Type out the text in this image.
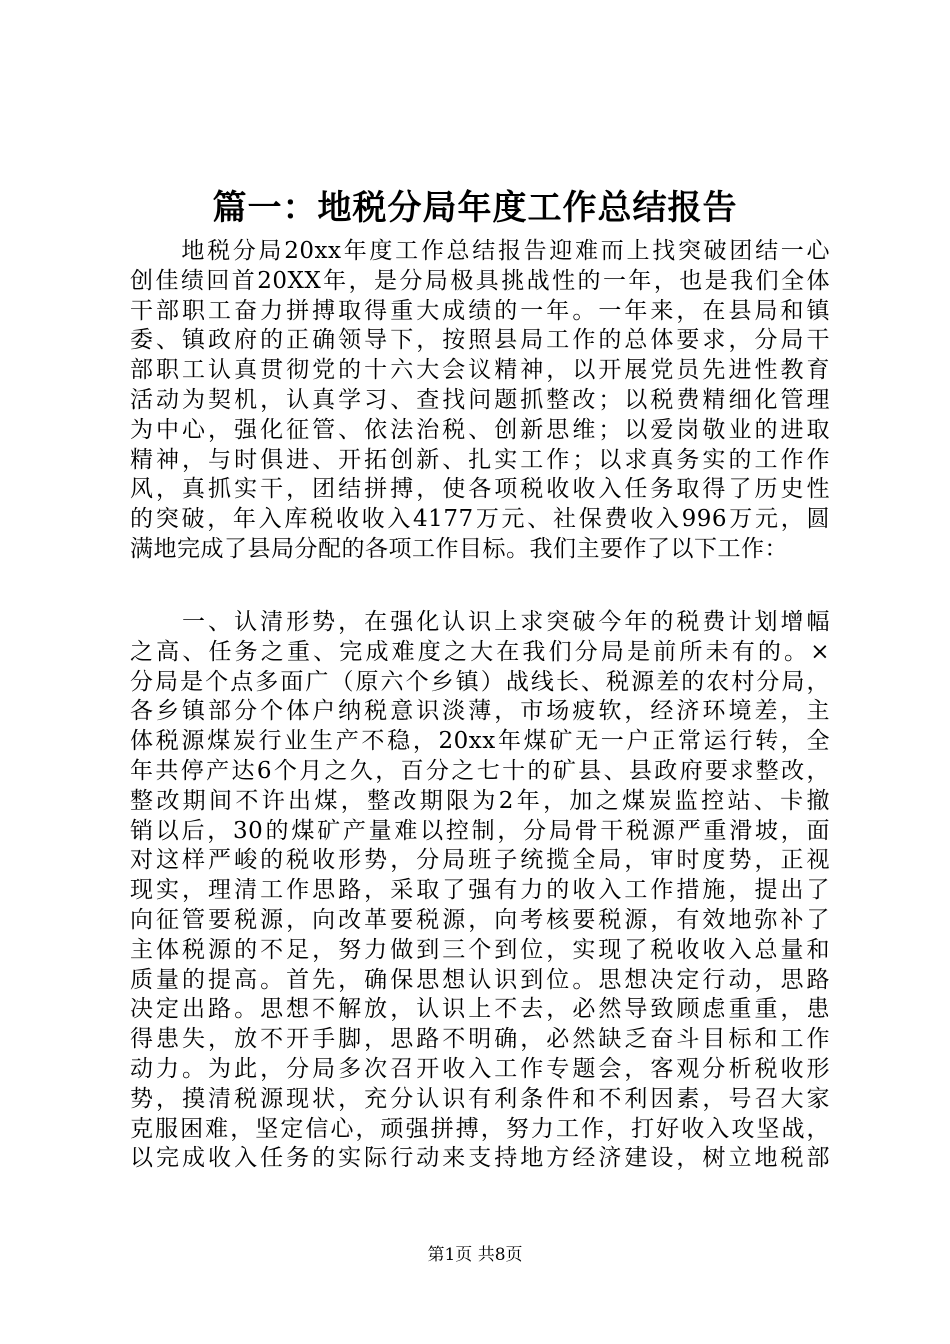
篇一：地税分局年度工作总结报告
　　地税分局20xx年度工作总结报告迎难而上找突破团结一心
创佳绩回首20XX年，是分局极具挑战性的一年，也是我们全体
干部职工奋力拼搏取得重大成绩的一年。一年来，在县局和镇
委、镇政府的正确领导下，按照县局工作的总体要求，分局干
部职工认真贯彻党的十六大会议精神，以开展党员先进性教育
活动为契机，认真学习、查找问题抓整改；以税费精细化管理
为中心，强化征管、依法治税、创新思维；以爱岗敬业的进取
精神，与时俱进、开拓创新、扎实工作；以求真务实的工作作
风，真抓实干，团结拼搏，使各项税收收入任务取得了历史性
的突破，年入库税收收入4177万元、社保费收入996万元，圆
满地完成了县局分配的各项工作目标。我们主要作了以下工作：
　　一、认清形势，在强化认识上求突破今年的税费计划增幅
之高、任务之重、完成难度之大在我们分局是前所未有的。×
分局是个点多面广（原六个乡镇）战线长、税源差的农村分局，
各乡镇部分个体户纳税意识淡薄，市场疲软，经济环境差，主
体税源煤炭行业生产不稳，20xx年煤矿无一户正常运行转，全
年共停产达6个月之久，百分之七十的矿县、县政府要求整改，
整改期间不许出煤，整改期限为2年，加之煤炭监控站、卡撤
销以后，30的煤矿产量难以控制，分局骨干税源严重滑坡，面
对这样严峻的税收形势，分局班子统揽全局，审时度势，正视
现实，理清工作思路，采取了强有力的收入工作措施，提出了
向征管要税源，向改革要税源，向考核要税源，有效地弥补了
主体税源的不足，努力做到三个到位，实现了税收收入总量和
质量的提高。首先，确保思想认识到位。思想决定行动，思路
决定出路。思想不解放，认识上不去，必然导致顾虑重重，患
得患失，放不开手脚，思路不明确，必然缺乏奋斗目标和工作
动力。为此，分局多次召开收入工作专题会，客观分析税收形
势，摸清税源现状，充分认识有利条件和不利因素，号召大家
克服困难，坚定信心，顽强拼搏，努力工作，打好收入攻坚战，
以完成收入任务的实际行动来支持地方经济建设，树立地税部
第1页 共8页
